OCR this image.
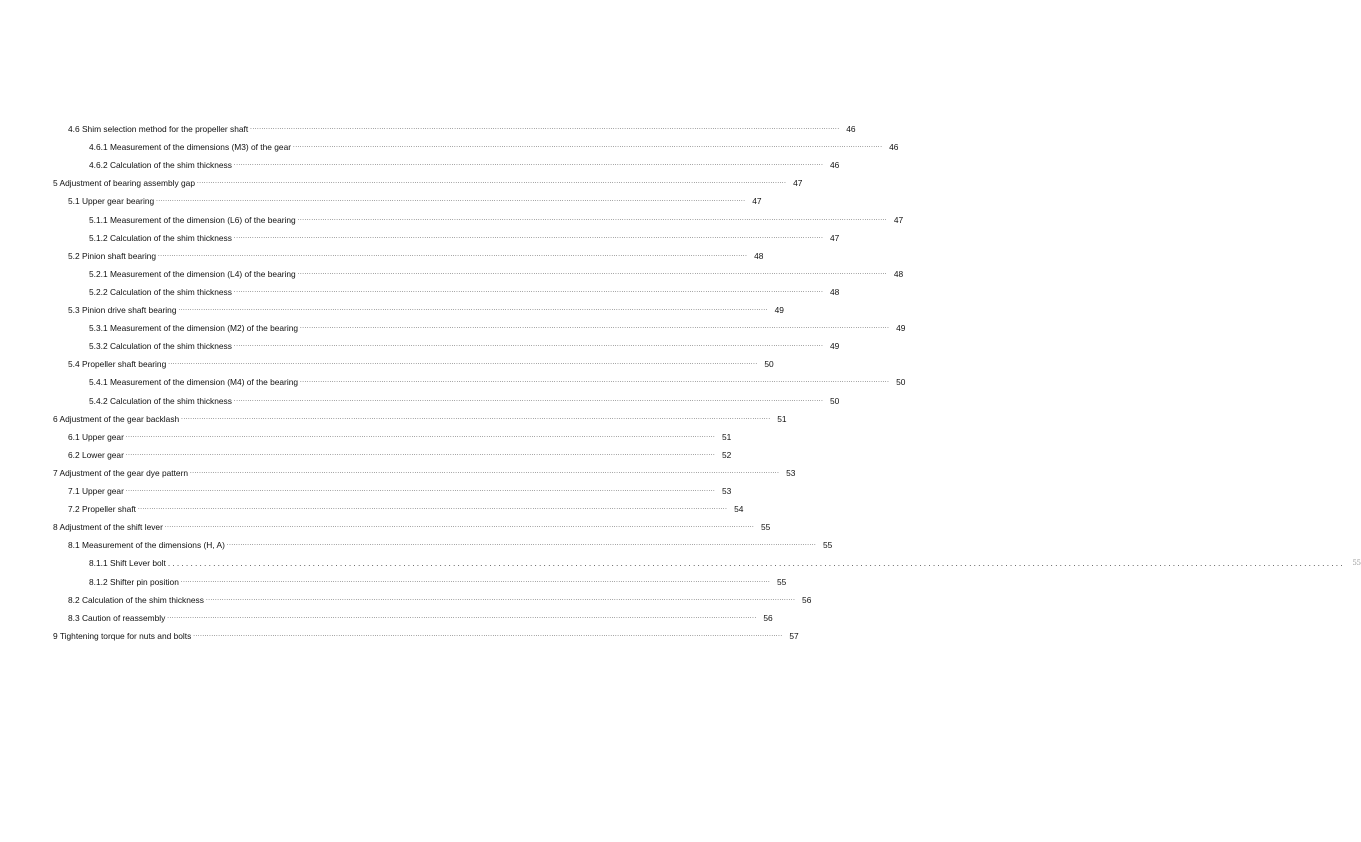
4.6 Shim selection method for the propeller shaft .................................................................................................................................................................................................................................................................... 46
4.6.1 Measurement of the dimensions (M3) of the gear .................................................................................................................................................................................................................................................................... 46
4.6.2 Calculation of the shim thickness .................................................................................................................................................................................................................................................................... 46
5 Adjustment of bearing assembly gap .................................................................................................................................................................................................................................................................... 47
5.1 Upper gear bearing .................................................................................................................................................................................................................................................................... 47
5.1.1 Measurement of the dimension (L6) of the bearing .................................................................................................................................................................................................................................................................... 47
5.1.2 Calculation of the shim thickness .................................................................................................................................................................................................................................................................... 47
5.2 Pinion shaft bearing .................................................................................................................................................................................................................................................................... 48
5.2.1 Measurement of the dimension (L4) of the bearing .................................................................................................................................................................................................................................................................... 48
5.2.2 Calculation of the shim thickness .................................................................................................................................................................................................................................................................... 48
5.3 Pinion drive shaft bearing .................................................................................................................................................................................................................................................................... 49
5.3.1 Measurement of the dimension (M2) of the bearing .................................................................................................................................................................................................................................................................... 49
5.3.2 Calculation of the shim thickness .................................................................................................................................................................................................................................................................... 49
5.4 Propeller shaft bearing .................................................................................................................................................................................................................................................................... 50
5.4.1 Measurement of the dimension (M4) of the bearing .................................................................................................................................................................................................................................................................... 50
5.4.2 Calculation of the shim thickness .................................................................................................................................................................................................................................................................... 50
6 Adjustment of the gear backlash .................................................................................................................................................................................................................................................................... 51
6.1 Upper gear .................................................................................................................................................................................................................................................................... 51
6.2 Lower gear .................................................................................................................................................................................................................................................................... 52
7 Adjustment of the gear dye pattern .................................................................................................................................................................................................................................................................... 53
7.1 Upper gear .................................................................................................................................................................................................................................................................... 53
7.2 Propeller shaft .................................................................................................................................................................................................................................................................... 54
8 Adjustment of the shift lever .................................................................................................................................................................................................................................................................... 55
8.1 Measurement of the dimensions (H, A) .................................................................................................................................................................................................................................................................... 55
8.1.1 Shift Lever bolt .................................................................................................................................................................................................................................................................... 55
8.1.2 Shifter pin position .................................................................................................................................................................................................................................................................... 55
8.2 Calculation of the shim thickness .................................................................................................................................................................................................................................................................... 56
8.3 Caution of reassembly .................................................................................................................................................................................................................................................................... 56
9 Tightening torque for nuts and bolts .................................................................................................................................................................................................................................................................... 57
